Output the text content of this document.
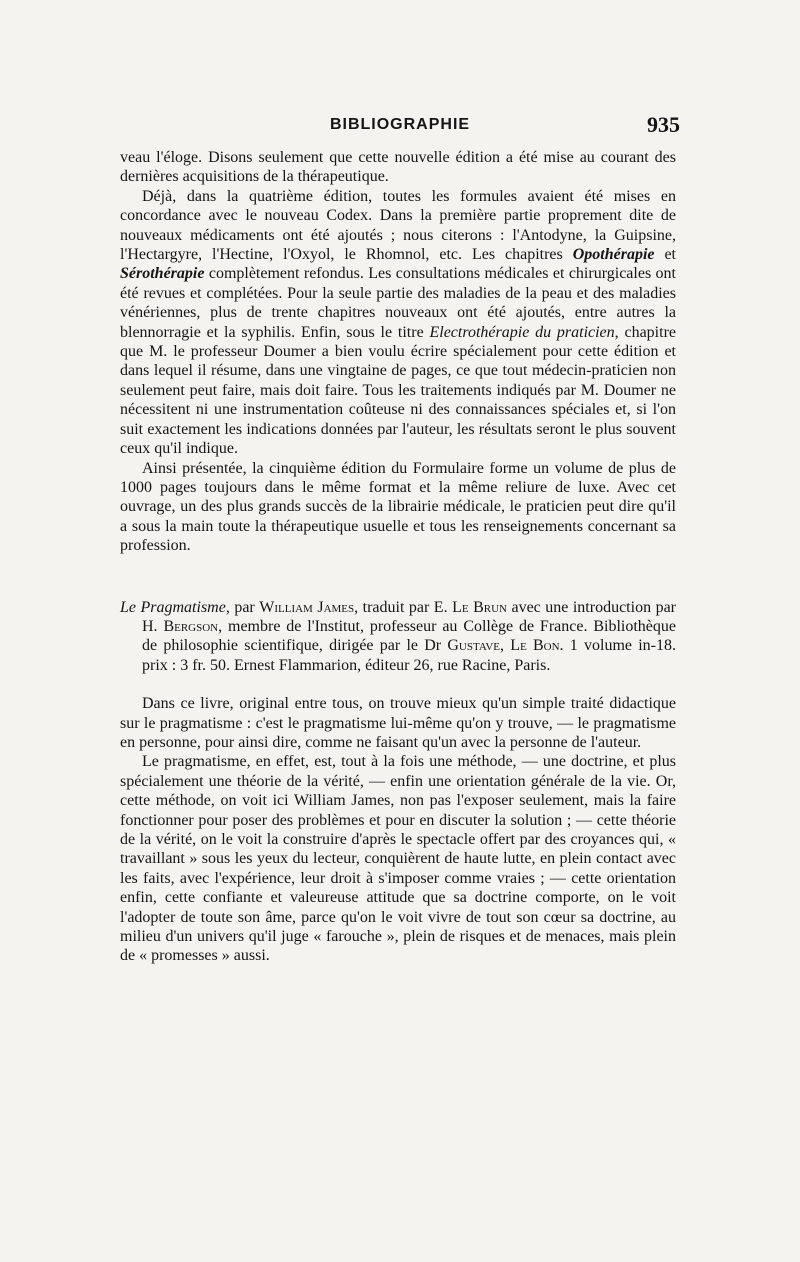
BIBLIOGRAPHIE	935

veau l'éloge. Disons seulement que cette nouvelle édition a été mise au courant des dernières acquisitions de la thérapeutique.

Déjà, dans la quatrième édition, toutes les formules avaient été mises en concordance avec le nouveau Codex. Dans la première partie proprement dite de nouveaux médicaments ont été ajoutés ; nous citerons : l'Antodyne, la Guipsine, l'Hectargyre, l'Hectine, l'Oxyol, le Rhomnol, etc. Les chapitres Opothérapie et Sérothérapie complètement refondus. Les consultations médicales et chirurgicales ont été revues et complétées. Pour la seule partie des maladies de la peau et des maladies vénériennes, plus de trente chapitres nouveaux ont été ajoutés, entre autres la blennorragie et la syphilis. Enfin, sous le titre Electrothérapie du praticien, chapitre que M. le professeur Doumer a bien voulu écrire spécialement pour cette édition et dans lequel il résume, dans une vingtaine de pages, ce que tout médecin-praticien non seulement peut faire, mais doit faire. Tous les traitements indiqués par M. Doumer ne nécessitent ni une instrumentation coûteuse ni des connaissances spéciales et, si l'on suit exactement les indications données par l'auteur, les résultats seront le plus souvent ceux qu'il indique.

Ainsi présentée, la cinquième édition du Formulaire forme un volume de plus de 1000 pages toujours dans le même format et la même reliure de luxe. Avec cet ouvrage, un des plus grands succès de la librairie médicale, le praticien peut dire qu'il a sous la main toute la thérapeutique usuelle et tous les renseignements concernant sa profession.

Le Pragmatisme, par William James, traduit par E. Le Brun avec une introduction par H. Bergson, membre de l'Institut, professeur au Collège de France. Bibliothèque de philosophie scientifique, dirigée par le Dr Gustave, Le Bon. 1 volume in-18. prix : 3 fr. 50. Ernest Flammarion, éditeur 26, rue Racine, Paris.

Dans ce livre, original entre tous, on trouve mieux qu'un simple traité didactique sur le pragmatisme : c'est le pragmatisme lui-même qu'on y trouve, — le pragmatisme en personne, pour ainsi dire, comme ne faisant qu'un avec la personne de l'auteur.

Le pragmatisme, en effet, est, tout à la fois une méthode, — une doctrine, et plus spécialement une théorie de la vérité, — enfin une orientation générale de la vie. Or, cette méthode, on voit ici William James, non pas l'exposer seulement, mais la faire fonctionner pour poser des problèmes et pour en discuter la solution ; — cette théorie de la vérité, on le voit la construire d'après le spectacle offert par des croyances qui, « travaillant » sous les yeux du lecteur, conquièrent de haute lutte, en plein contact avec les faits, avec l'expérience, leur droit à s'imposer comme vraies ; — cette orientation enfin, cette confiante et valeureuse attitude que sa doctrine comporte, on le voit l'adopter de toute son âme, parce qu'on le voit vivre de tout son cœur sa doctrine, au milieu d'un univers qu'il juge « farouche », plein de risques et de menaces, mais plein de « promesses » aussi.
